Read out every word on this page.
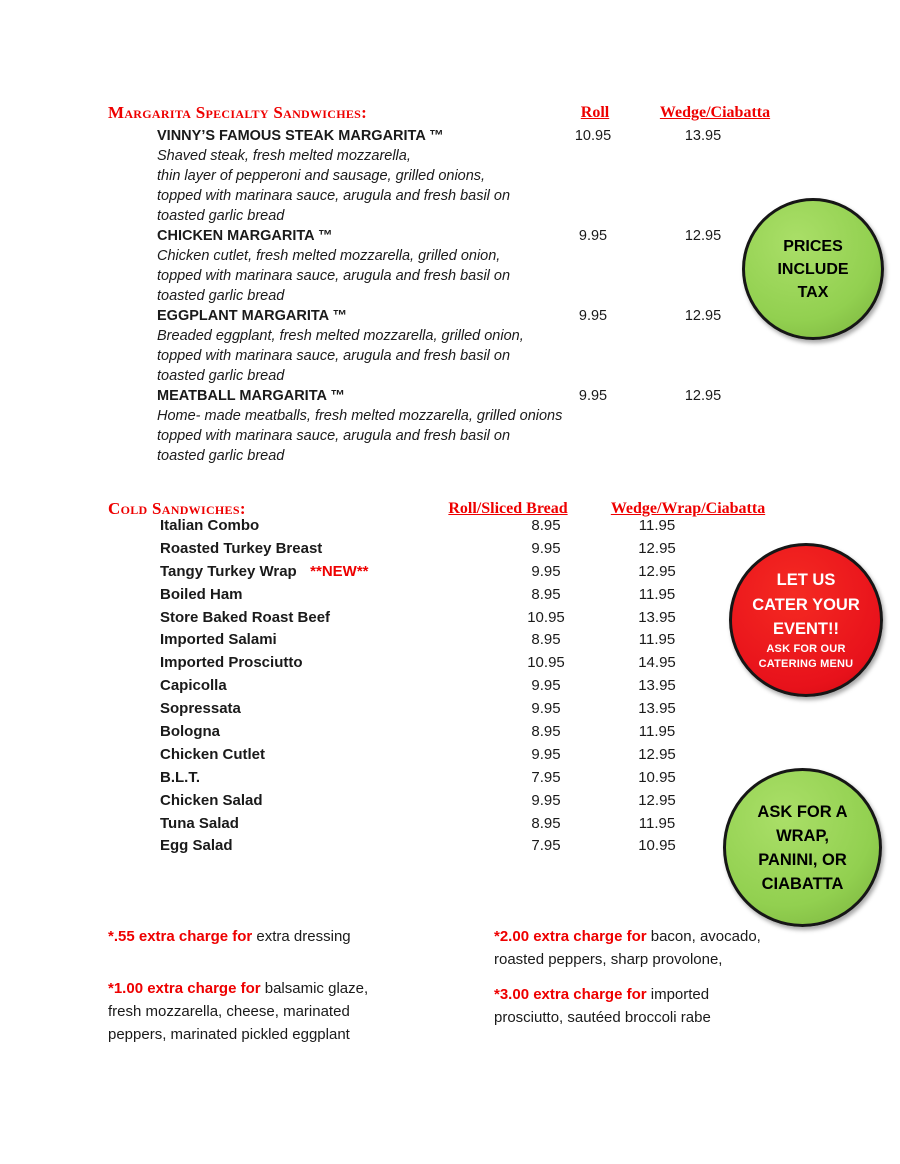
Margarita Specialty Sandwiches:	Roll	Wedge/Ciabatta
VINNY’S FAMOUS STEAK MARGARITA ™	10.95	13.95
Shaved steak, fresh melted mozzarella,
thin layer of pepperoni and sausage, grilled onions,
topped with marinara sauce, arugula and fresh basil on
toasted garlic bread
CHICKEN MARGARITA ™	9.95	12.95
Chicken cutlet, fresh melted mozzarella, grilled onion,
topped with marinara sauce, arugula and fresh basil on
toasted garlic bread
EGGPLANT MARGARITA ™	9.95	12.95
Breaded eggplant, fresh melted mozzarella, grilled onion,
topped with marinara sauce, arugula and fresh basil on
toasted garlic bread
MEATBALL MARGARITA ™	9.95	12.95
Home- made meatballs, fresh melted mozzarella, grilled onions
topped with marinara sauce, arugula and fresh basil on
toasted garlic bread
Cold Sandwiches:	Roll/Sliced Bread	Wedge/Wrap/Ciabatta
Italian Combo	8.95	11.95
Roasted Turkey Breast	9.95	12.95
Tangy Turkey Wrap **NEW**	9.95	12.95
Boiled Ham	8.95	11.95
Store Baked Roast Beef	10.95	13.95
Imported Salami	8.95	11.95
Imported Prosciutto	10.95	14.95
Capicolla	9.95	13.95
Sopressata	9.95	13.95
Bologna	8.95	11.95
Chicken Cutlet	9.95	12.95
B.L.T.	7.95	10.95
Chicken Salad	9.95	12.95
Tuna Salad	8.95	11.95
Egg Salad	7.95	10.95
PRICES
INCLUDE
TAX
LET US
CATER YOUR
EVENT!!
ASK FOR OUR
CATERING MENU
ASK FOR A
WRAP,
PANINI, OR
CIABATTA
*.55 extra charge for extra dressing
*1.00 extra charge for balsamic glaze,
fresh mozzarella, cheese, marinated
peppers, marinated pickled eggplant
*2.00 extra charge for bacon, avocado,
roasted peppers, sharp provolone,
*3.00 extra charge for imported
prosciutto, sautéed broccoli rabe
